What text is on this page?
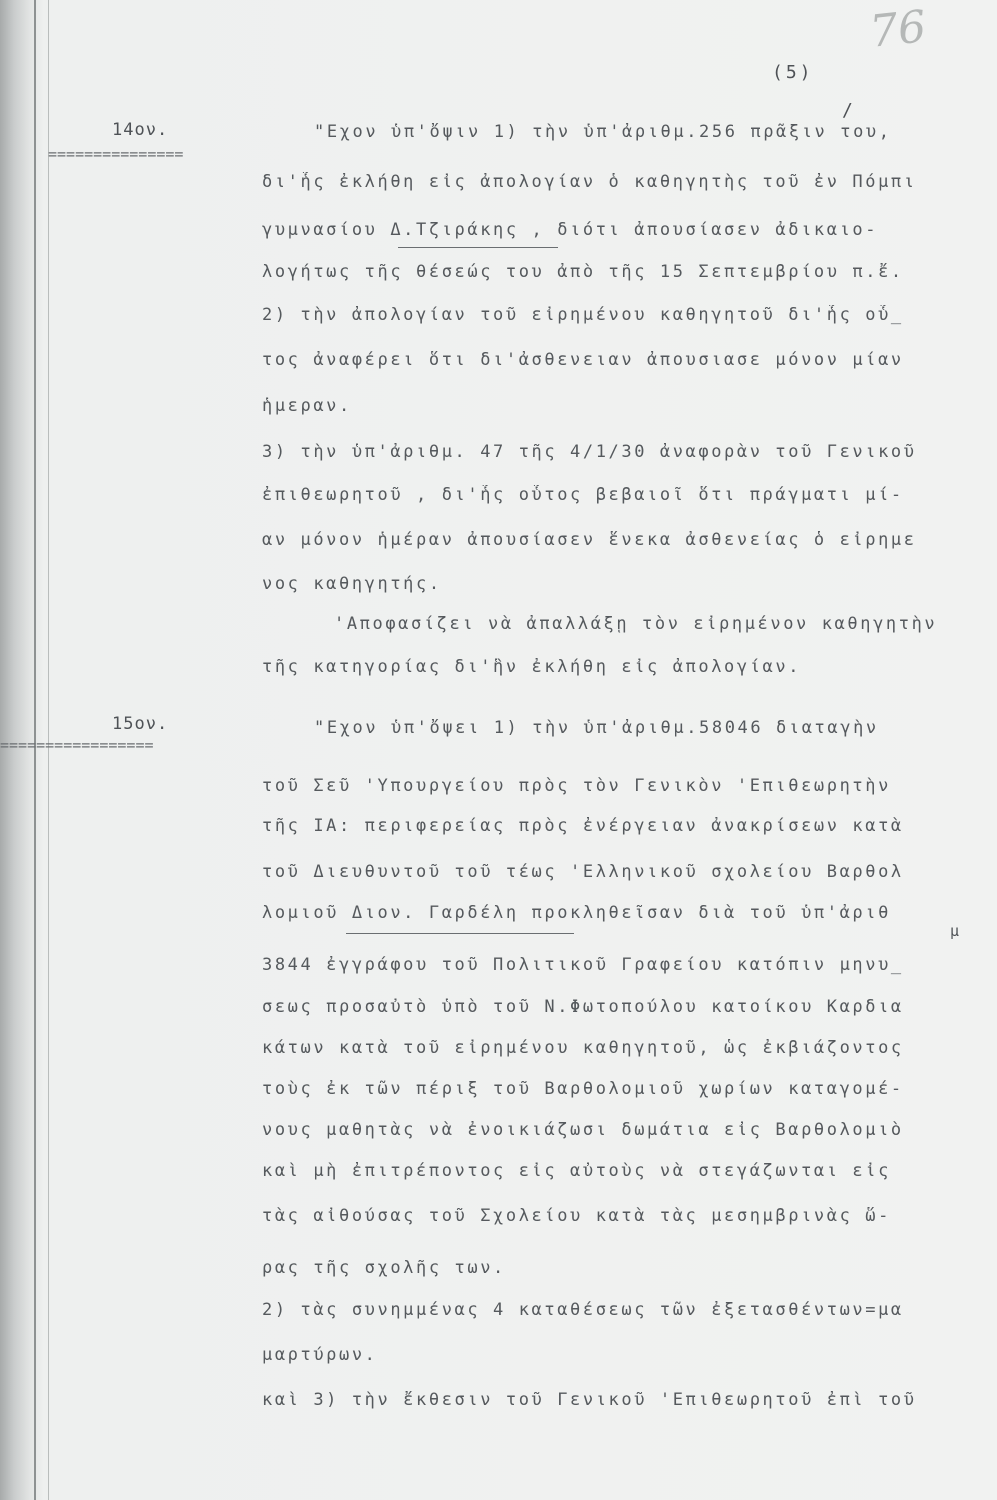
76
(5)
/
14ον.
===============
"Εχον ὑπ'ὄψιν 1) τὴν ὑπ'ἀριθμ.256 πρᾶξιν του,
δι'ἧς ἐκλήθη εἰς ἀπολογίαν ὁ καθηγητὴς τοῦ ἐν Πόμπι
γυμνασίου Δ.Τζιράκης , διότι ἀπουσίασεν ἀδικαιο-
λογήτως τῆς θέσεώς του ἀπὸ τῆς 15 Σεπτεμβρίου π.ἔ.
2) τὴν ἀπολογίαν τοῦ εἰρημένου καθηγητοῦ δι'ἧς οὗ_
τος ἀναφέρει ὅτι δι'ἀσθενειαν ἀπουσιασε μόνον μίαν
ἡμεραν.
3) τὴν ὑπ'ἀριθμ. 47 τῆς 4/1/30 ἀναφορὰν τοῦ Γενικοῦ
ἐπιθεωρητοῦ , δι'ἧς οὗτος βεβαιοῖ ὅτι πράγματι μί-
αν μόνον ἡμέραν ἀπουσίασεν ἕνεκα ἀσθενείας ὁ εἰρημε
νος καθηγητής.
'Αποφασίζει νὰ ἀπαλλάξῃ τὸν εἰρημένον καθηγητὴν
τῆς κατηγορίας δι'ἣν ἐκλήθη εἰς ἀπολογίαν.
15ον.
=================
"Εχον ὑπ'ὄψει 1) τὴν ὑπ'ἀριθμ.58046 διαταγὴν
τοῦ Σεῦ 'Υπουργείου πρὸς τὸν Γενικὸν 'Επιθεωρητὴν
τῆς ΙΑ: περιφερείας πρὸς ἐνέργειαν ἀνακρίσεων κατὰ
τοῦ Διευθυντοῦ τοῦ τέως 'Ελληνικοῦ σχολείου Βαρθολ
λομιοῦ Διον. Γαρδέλη προκληθεῖσαν διὰ τοῦ ὑπ'ἀριθ
μ
3844 ἐγγράφου τοῦ Πολιτικοῦ Γραφείου κατόπιν μηνυ_
σεως προσαὐτὸ ὑπὸ τοῦ Ν.Φωτοπούλου κατοίκου Καρδια
κάτων κατὰ τοῦ εἰρημένου καθηγητοῦ, ὡς ἐκβιάζοντος
τοὺς ἐκ τῶν πέριξ τοῦ Βαρθολομιοῦ χωρίων καταγομέ-
νους μαθητὰς νὰ ἐνοικιάζωσι δωμάτια εἰς Βαρθολομιὸ
καὶ μὴ ἐπιτρέποντος εἰς αὐτοὺς νὰ στεγάζωνται εἰς
τὰς αἰθούσας τοῦ Σχολείου κατὰ τὰς μεσημβρινὰς ὥ-
ρας τῆς σχολῆς των.
2) τὰς συνημμένας 4 καταθέσεως τῶν ἐξετασθέντων=μα
μαρτύρων.
καὶ 3) τὴν ἔκθεσιν τοῦ Γενικοῦ 'Επιθεωρητοῦ ἐπὶ τοῦ
